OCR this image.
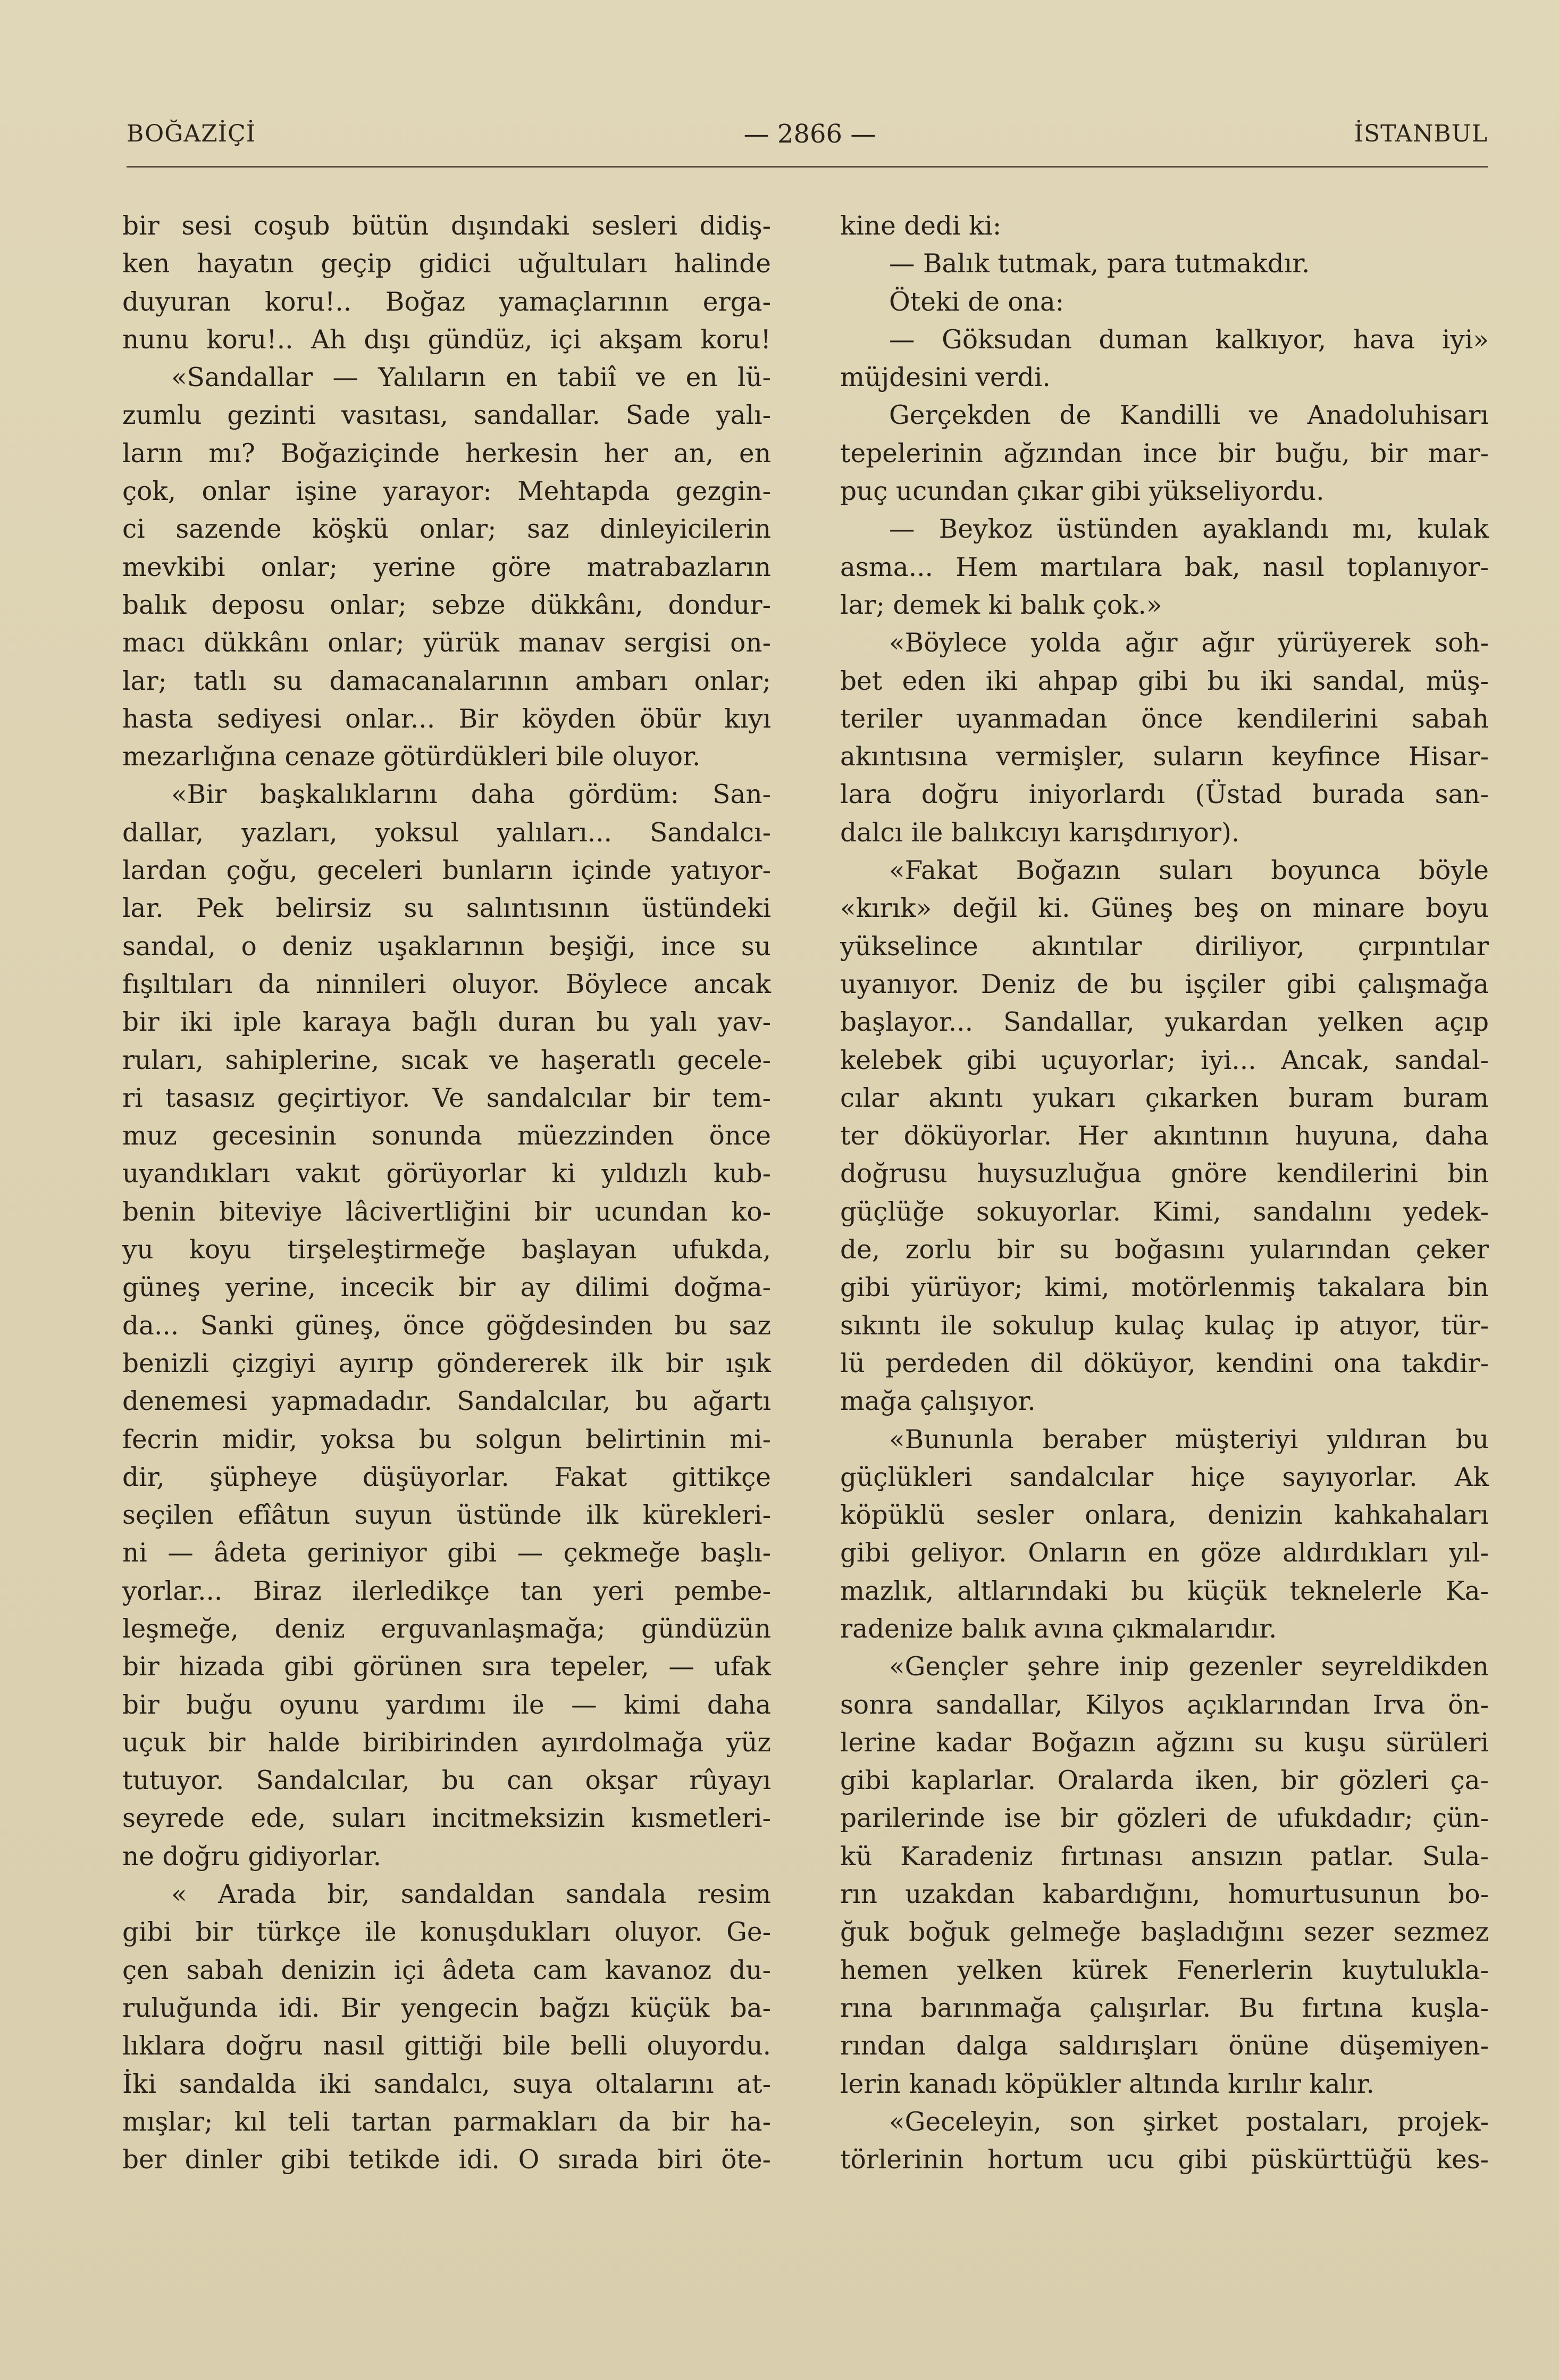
BOĞAZİÇİ	— 2866 —	İSTANBUL
bir sesi coşub bütün dışındaki sesleri didiş-
ken hayatın geçip gidici uğultuları halinde
duyuran koru!.. Boğaz yamaçlarının erga-
nunu koru!.. Ah dışı gündüz, içi akşam koru!
«Sandallar — Yalıların en tabiî ve en lü-
zumlu gezinti vasıtası, sandallar. Sade yalı-
ların mı? Boğaziçinde herkesin her an, en
çok, onlar işine yarayor: Mehtapda gezgin-
ci sazende köşkü onlar; saz dinleyicilerin
mevkibi onlar; yerine göre matrabazların
balık deposu onlar; sebze dükkânı, dondur-
macı dükkânı onlar; yürük manav sergisi on-
lar; tatlı su damacanalarının ambarı onlar;
hasta sediyesi onlar... Bir köyden öbür kıyı
mezarlığına cenaze götürdükleri bile oluyor.
«Bir başkalıklarını daha gördüm: San-
dallar, yazları, yoksul yalıları... Sandalcı-
lardan çoğu, geceleri bunların içinde yatıyor-
lar. Pek belirsiz su salıntısının üstündeki
sandal, o deniz uşaklarının beşiği, ince su
fışıltıları da ninnileri oluyor. Böylece ancak
bir iki iple karaya bağlı duran bu yalı yav-
ruları, sahiplerine, sıcak ve haşeratlı gecele-
ri tasasız geçirtiyor. Ve sandalcılar bir tem-
muz gecesinin sonunda müezzinden önce
uyandıkları vakıt görüyorlar ki yıldızlı kub-
benin biteviye lâcivertliğini bir ucundan ko-
yu koyu tirşeleştirmeğe başlayan ufukda,
güneş yerine, incecik bir ay dilimi doğma-
da... Sanki güneş, önce göğdesinden bu saz
benizli çizgiyi ayırıp göndererek ilk bir ışık
denemesi yapmadadır. Sandalcılar, bu ağartı
fecrin midir, yoksa bu solgun belirtinin mi-
dir, şüpheye düşüyorlar. Fakat gittikçe
seçilen efîâtun suyun üstünde ilk kürekleri-
ni — âdeta geriniyor gibi — çekmeğe başlı-
yorlar... Biraz ilerledikçe tan yeri pembe-
leşmeğe, deniz erguvanlaşmağa; gündüzün
bir hizada gibi görünen sıra tepeler, — ufak
bir buğu oyunu yardımı ile — kimi daha
uçuk bir halde biribirinden ayırdolmağa yüz
tutuyor. Sandalcılar, bu can okşar rûyayı
seyrede ede, suları incitmeksizin kısmetleri-
ne doğru gidiyorlar.
« Arada bir, sandaldan sandala resim
gibi bir türkçe ile konuşdukları oluyor. Ge-
çen sabah denizin içi âdeta cam kavanoz du-
ruluğunda idi. Bir yengecin bağzı küçük ba-
lıklara doğru nasıl gittiği bile belli oluyordu.
İki sandalda iki sandalcı, suya oltalarını at-
mışlar; kıl teli tartan parmakları da bir ha-
ber dinler gibi tetikde idi. O sırada biri öte-
kine dedi ki:
— Balık tutmak, para tutmakdır.
Öteki de ona:
— Göksudan duman kalkıyor, hava iyi»
müjdesini verdi.
Gerçekden de Kandilli ve Anadoluhisarı
tepelerinin ağzından ince bir buğu, bir mar-
puç ucundan çıkar gibi yükseliyordu.
— Beykoz üstünden ayaklandı mı, kulak
asma... Hem martılara bak, nasıl toplanıyor-
lar; demek ki balık çok.»
«Böylece yolda ağır ağır yürüyerek soh-
bet eden iki ahpap gibi bu iki sandal, müş-
teriler uyanmadan önce kendilerini sabah
akıntısına vermişler, suların keyfince Hisar-
lara doğru iniyorlardı (Üstad burada san-
dalcı ile balıkcıyı karışdırıyor).
«Fakat Boğazın suları boyunca böyle
«kırık» değil ki. Güneş beş on minare boyu
yükselince akıntılar diriliyor, çırpıntılar
uyanıyor. Deniz de bu işçiler gibi çalışmağa
başlayor... Sandallar, yukardan yelken açıp
kelebek gibi uçuyorlar; iyi... Ancak, sandal-
cılar akıntı yukarı çıkarken buram buram
ter döküyorlar. Her akıntının huyuna, daha
doğrusu huysuzluğua gnöre kendilerini bin
güçlüğe sokuyorlar. Kimi, sandalını yedek-
de, zorlu bir su boğasını yularından çeker
gibi yürüyor; kimi, motörlenmiş takalara bin
sıkıntı ile sokulup kulaç kulaç ip atıyor, tür-
lü perdeden dil döküyor, kendini ona takdir-
mağa çalışıyor.
«Bununla beraber müşteriyi yıldıran bu
güçlükleri sandalcılar hiçe sayıyorlar. Ak
köpüklü sesler onlara, denizin kahkahaları
gibi geliyor. Onların en göze aldırdıkları yıl-
mazlık, altlarındaki bu küçük teknelerle Ka-
radenize balık avına çıkmalarıdır.
«Gençler şehre inip gezenler seyreldikden
sonra sandallar, Kilyos açıklarından Irva ön-
lerine kadar Boğazın ağzını su kuşu sürüleri
gibi kaplarlar. Oralarda iken, bir gözleri ça-
parilerinde ise bir gözleri de ufukdadır; çün-
kü Karadeniz fırtınası ansızın patlar. Sula-
rın uzakdan kabardığını, homurtusunun bo-
ğuk boğuk gelmeğe başladığını sezer sezmez
hemen yelken kürek Fenerlerin kuytulukla-
rına barınmağa çalışırlar. Bu fırtına kuşla-
rından dalga saldırışları önüne düşemiyen-
lerin kanadı köpükler altında kırılır kalır.
«Geceleyin, son şirket postaları, projek-
törlerinin hortum ucu gibi püskürttüğü kes-
